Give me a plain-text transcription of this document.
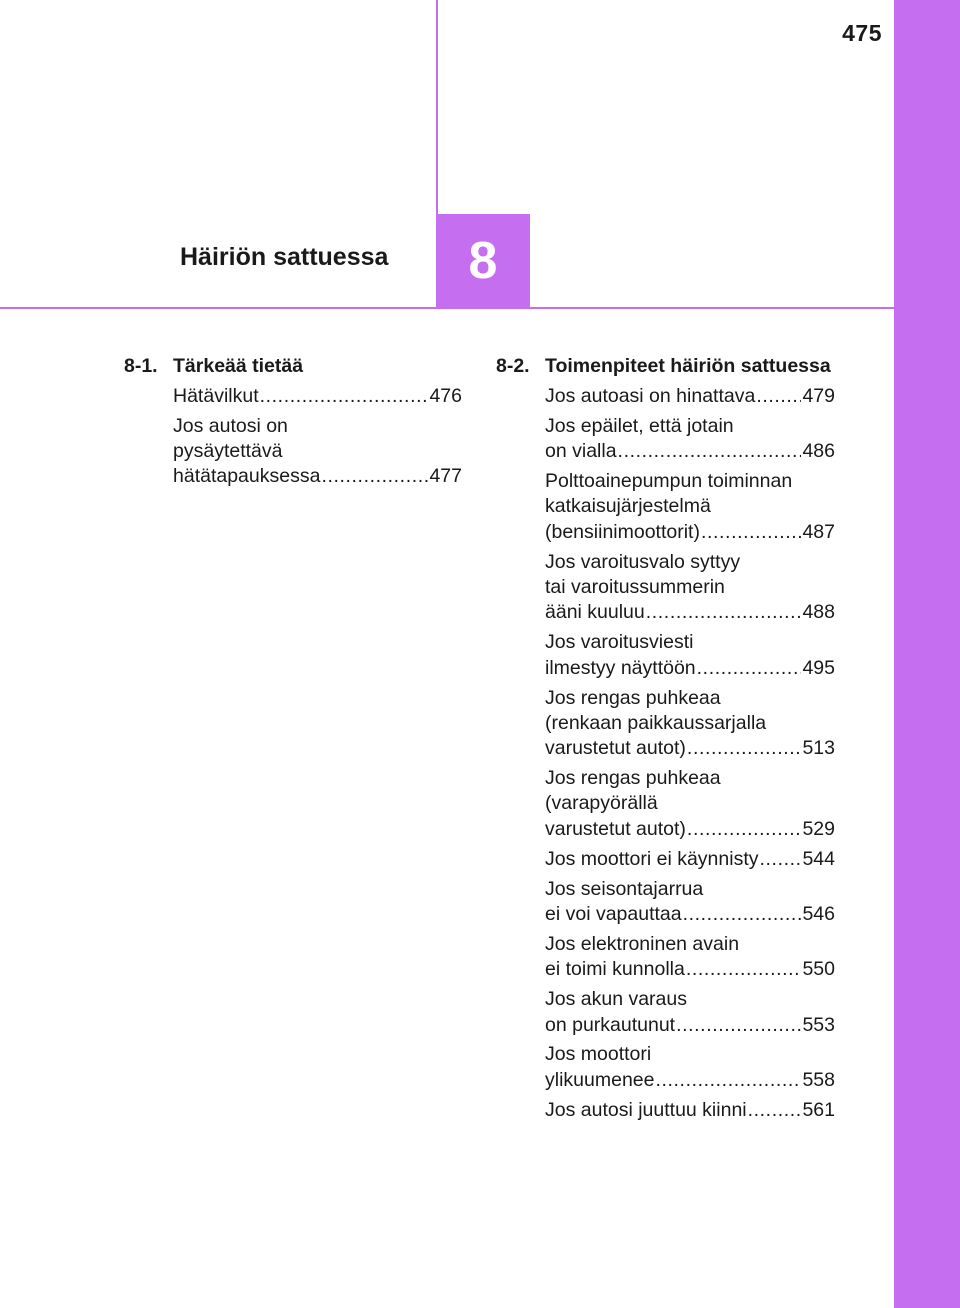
475
Häiriön sattuessa	8
8-1. Tärkeää tietää
Hätävilkut .....	476
Jos autosi on
pysäytettävä
hätätapauksessa .....	477
8-2. Toimenpiteet häiriön sattuessa
Jos autoasi on hinattava ..... 479
Jos epäilet, että jotain
on vialla .....	486
Polttoainepumpun toiminnan
katkaisujärjestelmä
(bensiinimoottorit) .....	487
Jos varoitusvalo syttyy
tai varoitussummerin
ääni kuuluu .....	488
Jos varoitusviesti
ilmestyy näyttöön .....	495
Jos rengas puhkeaa
(renkaan paikkaussarjalla
varustetut autot) .....	513
Jos rengas puhkeaa
(varapyörällä
varustetut autot) .....	529
Jos moottori ei käynnisty ..... 544
Jos seisontajarrua
ei voi vapauttaa .....	546
Jos elektroninen avain
ei toimi kunnolla .....	550
Jos akun varaus
on purkautunut .....	553
Jos moottori
ylikuumenee .....	558
Jos autosi juuttuu kiinni .....	561
